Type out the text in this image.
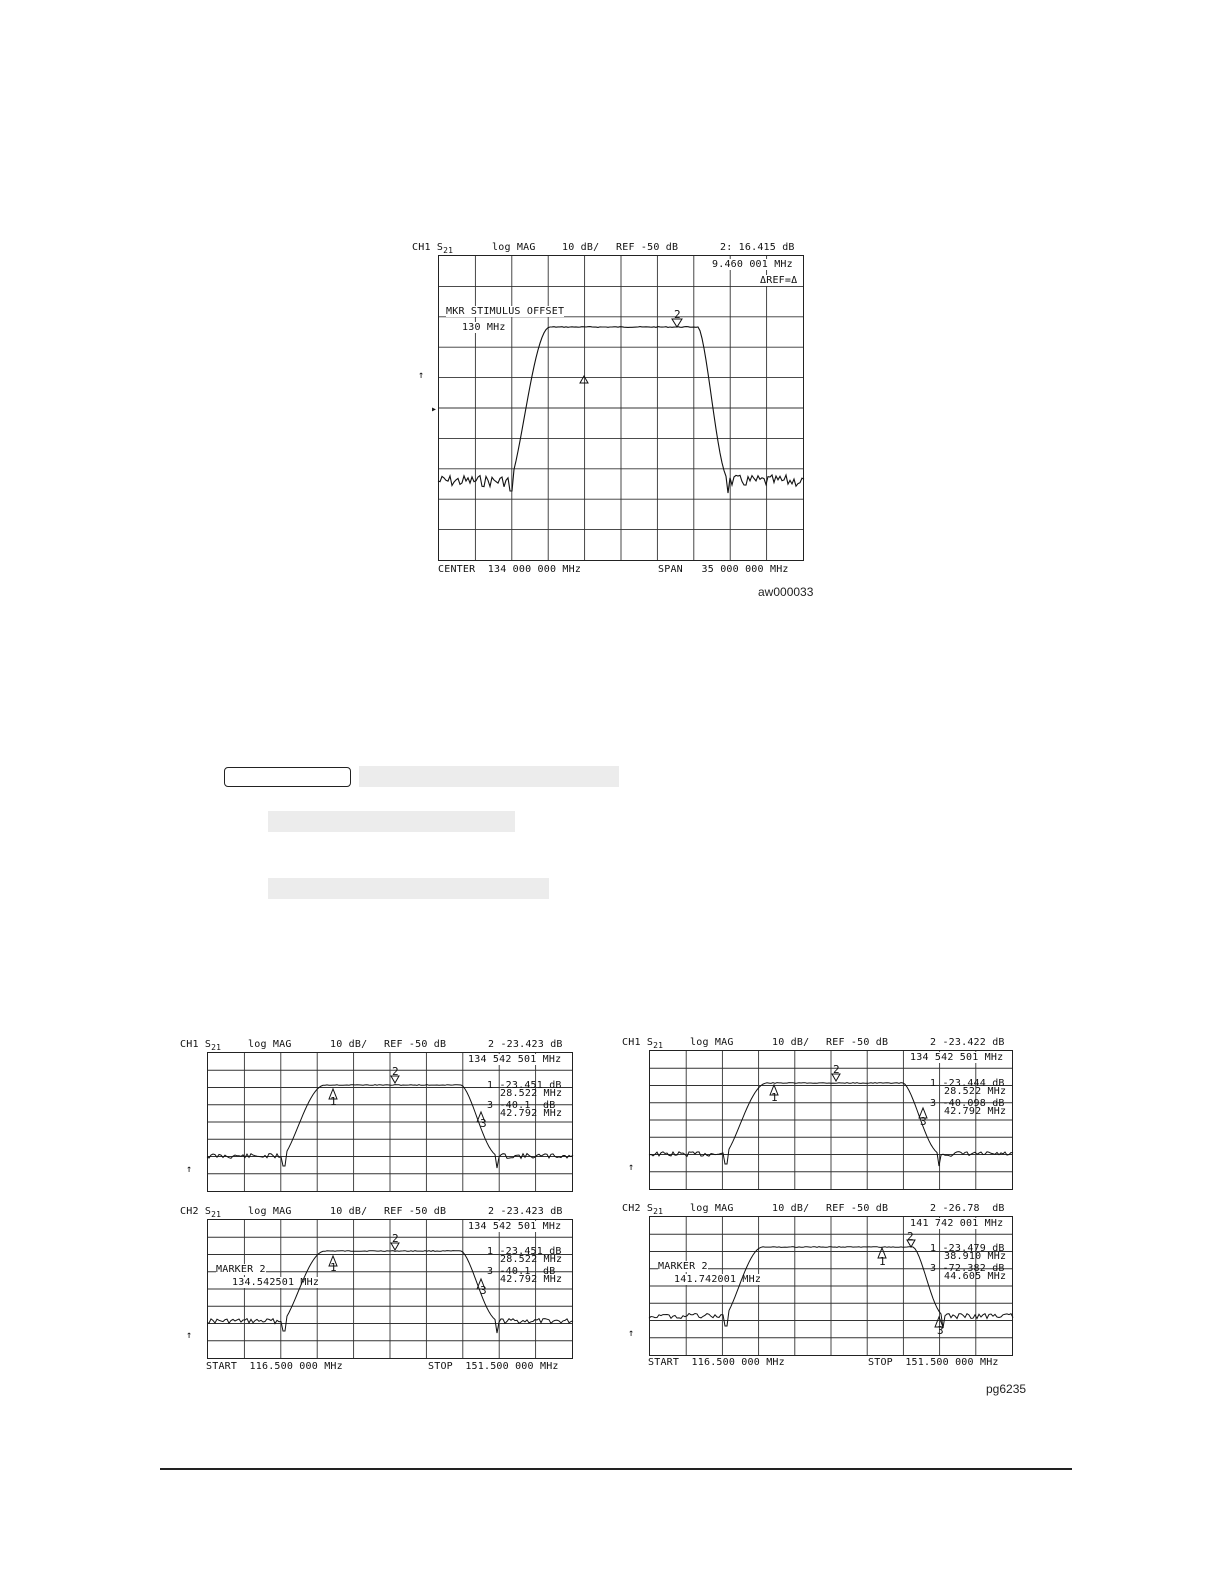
CH1 $S_{21}$	log MAG	10 dB/ REF -50 dB	2: 16.415 dB
9.460 001 MHz
ΔREF=Δ
MKR STIMULUS OFFSET
130 MHz
2
↑
▸
CENTER  134 000 000 MHz	SPAN   35 000 000 MHz
aw000033
CH1 $S_{21}$	log MAG	10 dB/ REF -50 dB	2 -23.423 dB
134 542 501 MHz
1 -23.451 dB
28.522 MHz
3 -40.1  dB
42.792 MHz
1
2
3
↑
CH1 $S_{21}$	log MAG	10 dB/ REF -50 dB	2 -23.422 dB
134 542 501 MHz
1 -23.444 dB
28.522 MHz
3 -40.098 dB
42.792 MHz
1
2
3
↑
CH2 $S_{21}$	log MAG	10 dB/ REF -50 dB	2 -23.423 dB
134 542 501 MHz
1 -23.451 dB
28.522 MHz
3 -40.1  dB
42.792 MHz
MARKER 2
134.542501 MHz
1
2
3
↑
START  116.500 000 MHz	STOP  151.500 000 MHz
CH2 $S_{21}$	log MAG	10 dB/ REF -50 dB	2 -26.78  dB
141 742 001 MHz
1 -23.479 dB
38.910 MHz
3 -72.382 dB
44.605 MHz
MARKER 2
141.742001 MHz
1
2
3
↑
START  116.500 000 MHz	STOP  151.500 000 MHz
pg6235
